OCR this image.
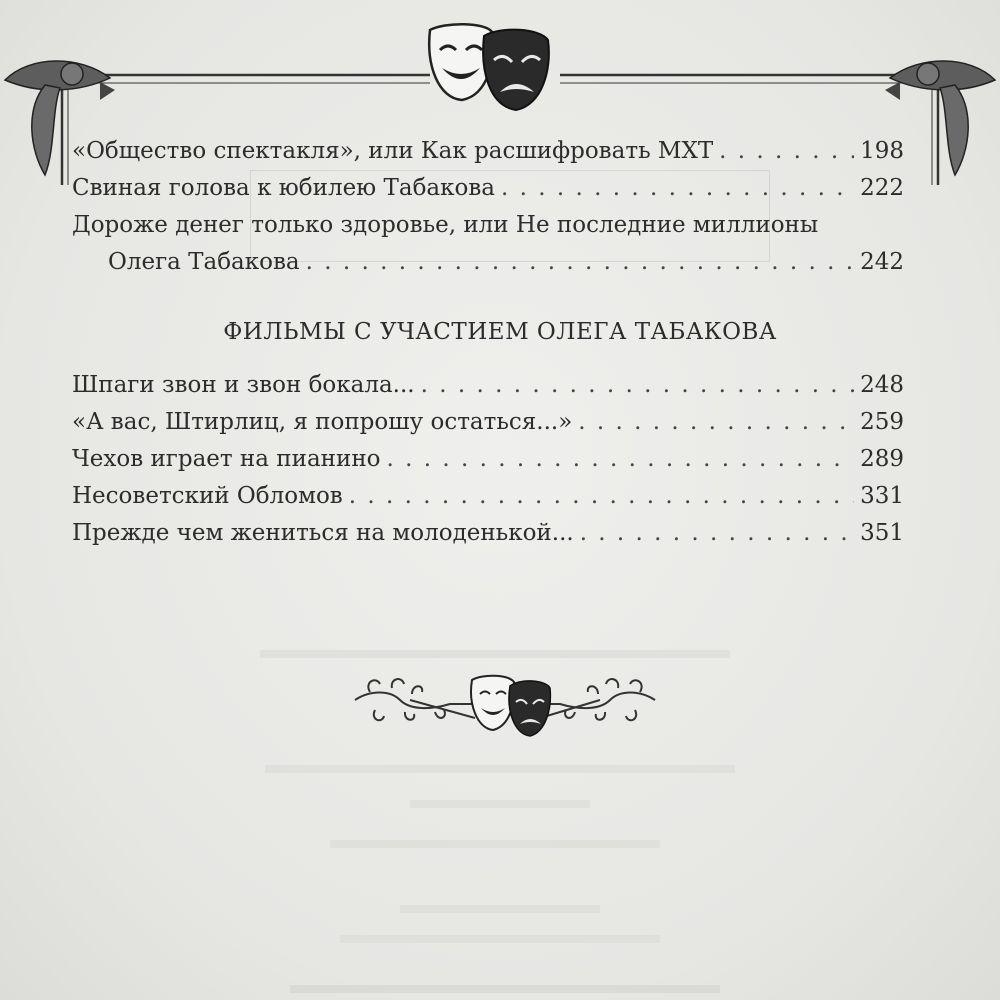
«Общество спектакля», или Как расшифровать МХТ . . .	198
Свиная голова к юбилею Табакова . . .	222
Дороже денег только здоровье, или Не последние миллионы
Олега Табакова . . .	242
ФИЛЬМЫ С УЧАСТИЕМ ОЛЕГА ТАБАКОВА
Шпаги звон и звон бокала... . . .	248
«А вас, Штирлиц, я попрошу остаться...» . . .	259
Чехов играет на пианино . . .	289
Несоветский Обломов . . .	331
Прежде чем жениться на молоденькой... . . .	351
